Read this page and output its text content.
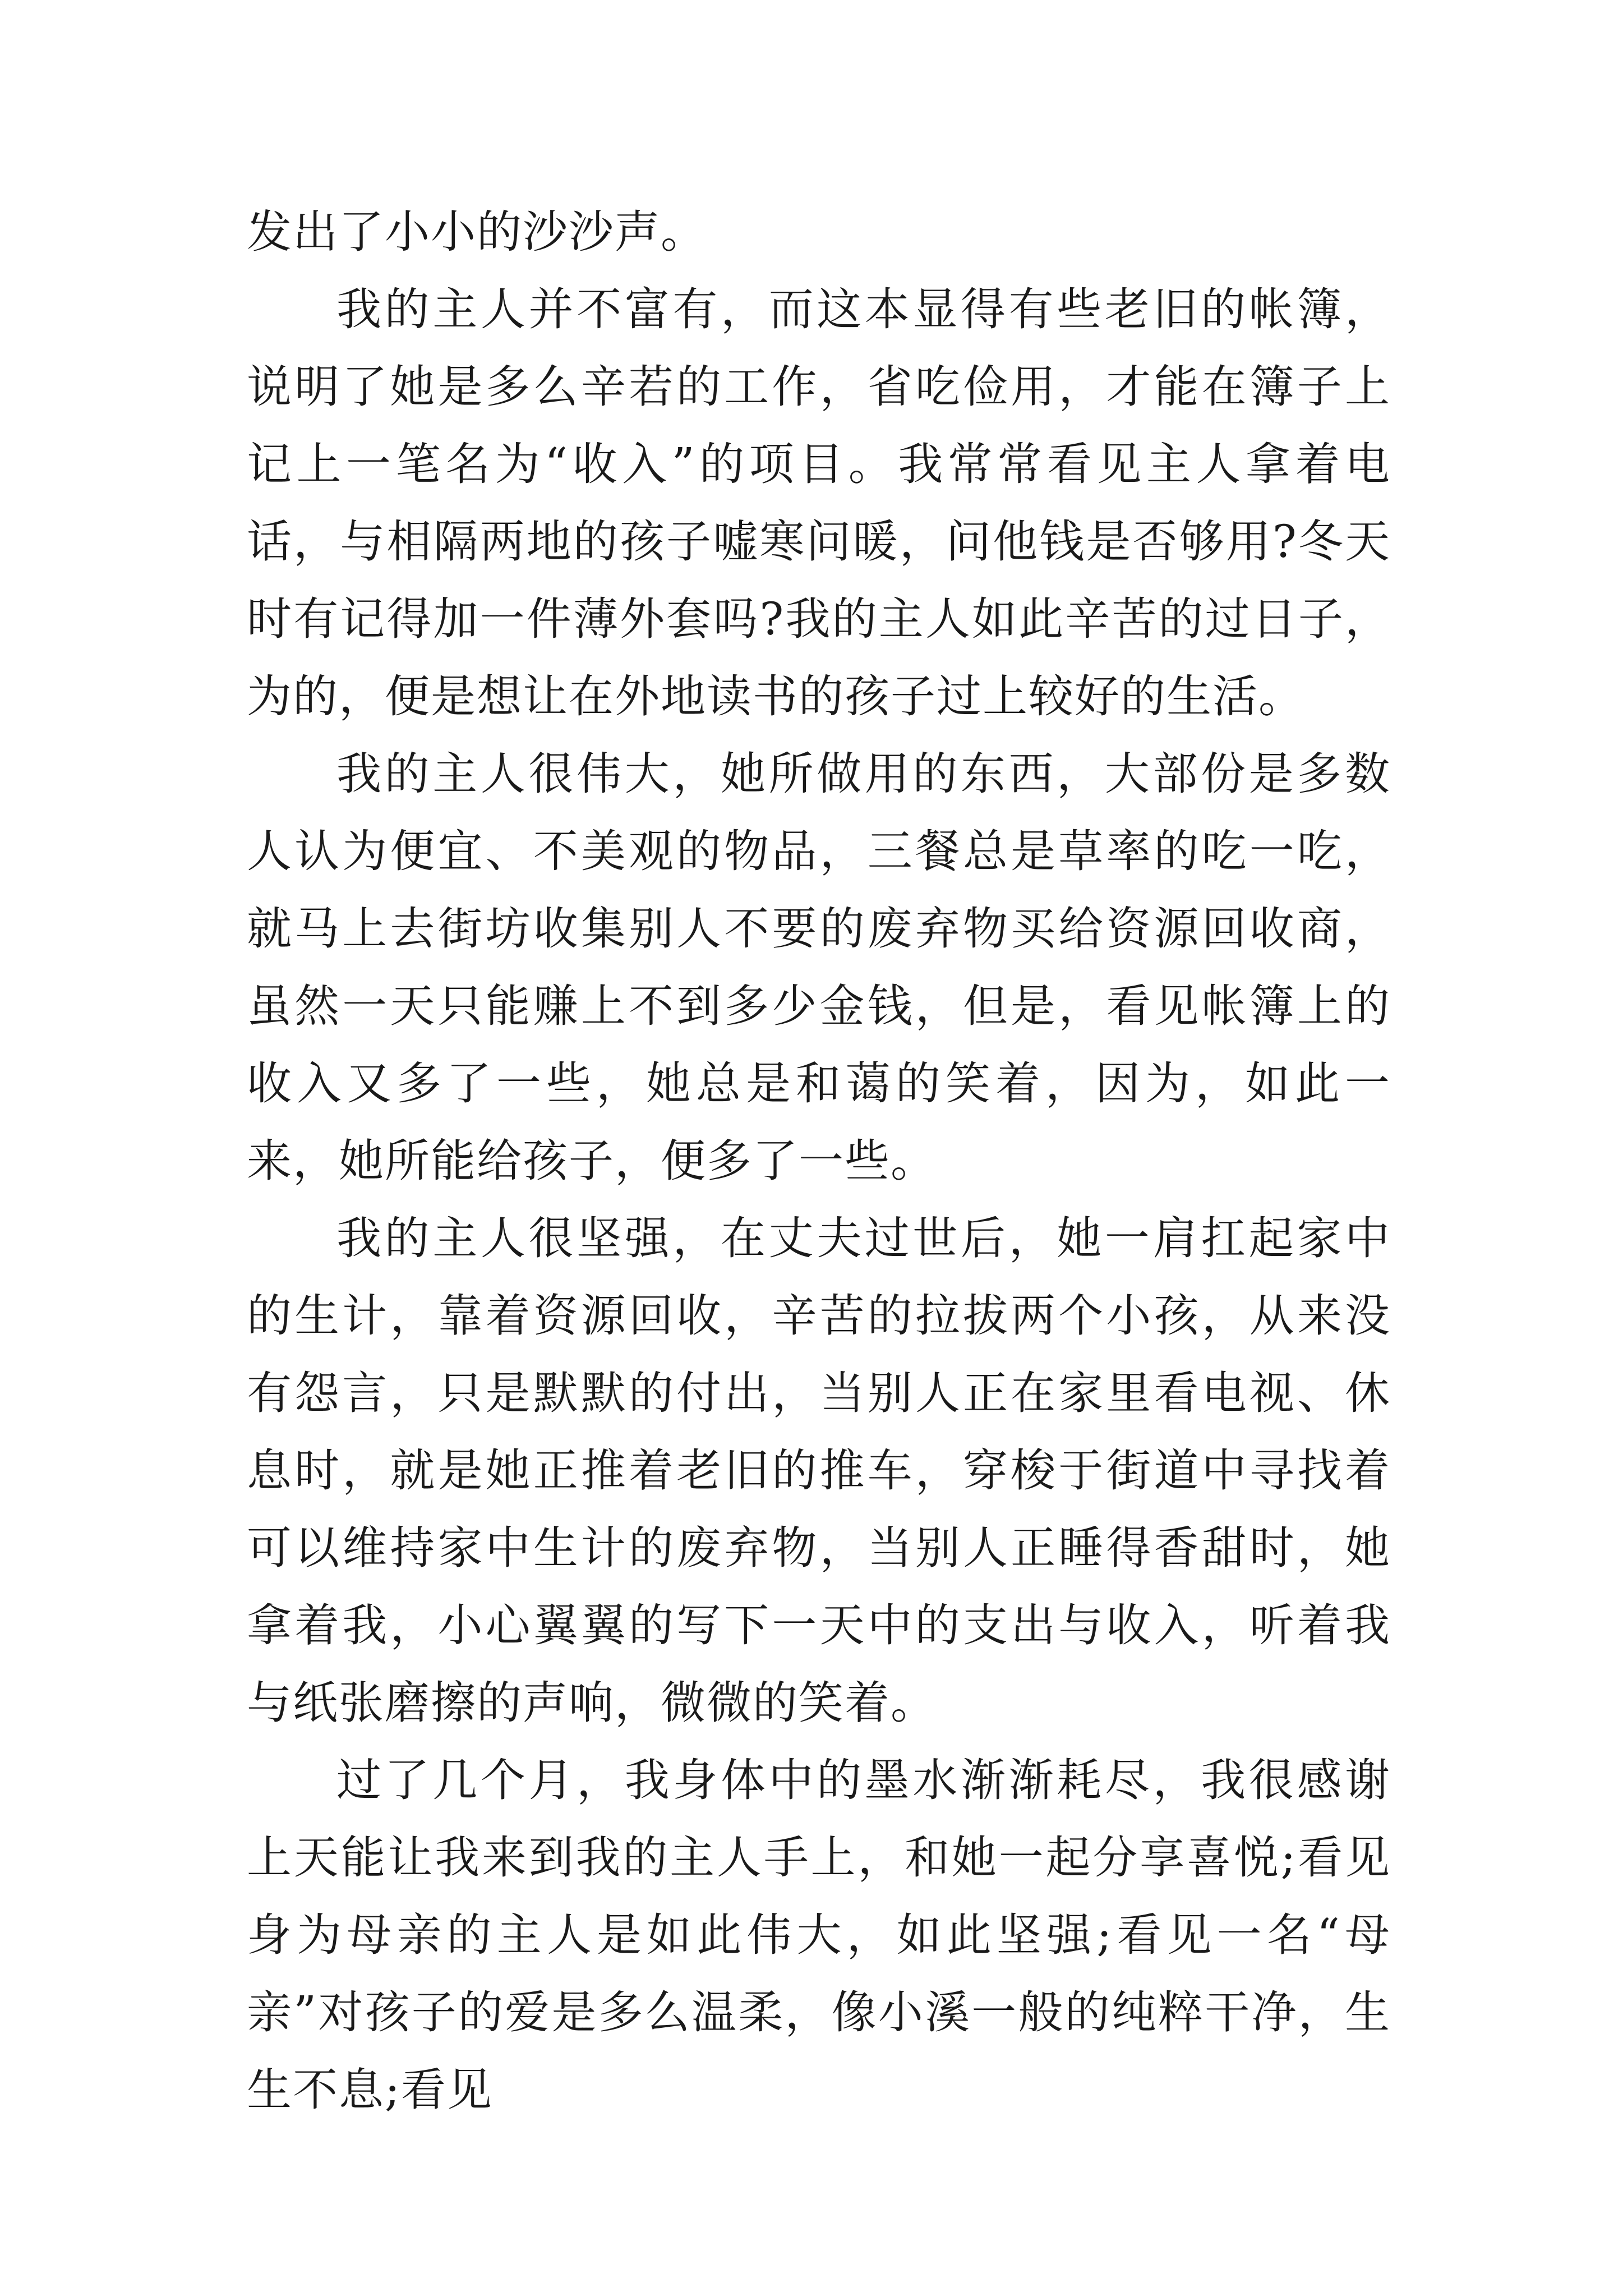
发出了小小的沙沙声。

我的主人并不富有，而这本显得有些老旧的帐簿，说明了她是多么辛若的工作，省吃俭用，才能在簿子上记上一笔名为“收入”的项目。我常常看见主人拿着电话，与相隔两地的孩子嘘寒问暖，问他钱是否够用?冬天时有记得加一件薄外套吗?我的主人如此辛苦的过日子，为的，便是想让在外地读书的孩子过上较好的生活。

我的主人很伟大，她所做用的东西，大部份是多数人认为便宜、不美观的物品，三餐总是草率的吃一吃，就马上去街坊收集别人不要的废弃物买给资源回收商，虽然一天只能赚上不到多少金钱，但是，看见帐簿上的收入又多了一些，她总是和蔼的笑着，因为，如此一来，她所能给孩子，便多了一些。

我的主人很坚强，在丈夫过世后，她一肩扛起家中的生计，靠着资源回收，辛苦的拉拔两个小孩，从来没有怨言，只是默默的付出，当别人正在家里看电视、休息时，就是她正推着老旧的推车，穿梭于街道中寻找着可以维持家中生计的废弃物，当别人正睡得香甜时，她拿着我，小心翼翼的写下一天中的支出与收入，听着我与纸张磨擦的声响，微微的笑着。

过了几个月，我身体中的墨水渐渐耗尽，我很感谢上天能让我来到我的主人手上，和她一起分享喜悦;看见身为母亲的主人是如此伟大，如此坚强;看见一名“母亲”对孩子的爱是多么温柔，像小溪一般的纯粹干净，生生不息;看见
